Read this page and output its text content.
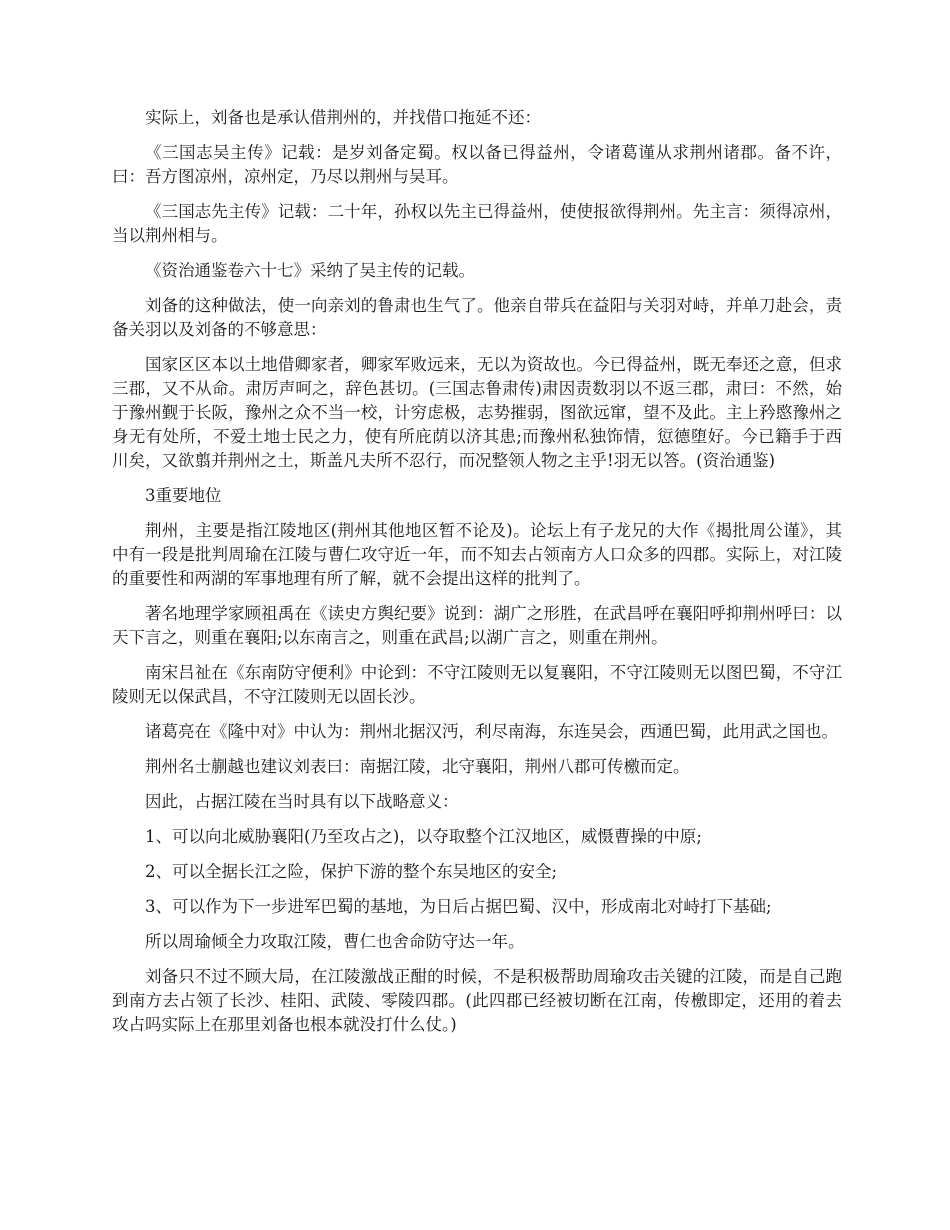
实际上，刘备也是承认借荆州的，并找借口拖延不还：

《三国志吴主传》记载：是岁刘备定蜀。权以备已得益州，令诸葛谨从求荆州诸郡。备不许，曰：吾方图凉州，凉州定，乃尽以荆州与吴耳。

《三国志先主传》记载：二十年，孙权以先主已得益州，使使报欲得荆州。先主言：须得凉州，当以荆州相与。

《资治通鉴卷六十七》采纳了吴主传的记载。

刘备的这种做法，使一向亲刘的鲁肃也生气了。他亲自带兵在益阳与关羽对峙，并单刀赴会，责备关羽以及刘备的不够意思：

国家区区本以土地借卿家者，卿家军败远来，无以为资故也。今已得益州，既无奉还之意，但求三郡，又不从命。肃厉声呵之，辞色甚切。(三国志鲁肃传)肃因责数羽以不返三郡，肃曰：不然，始于豫州觐于长阪，豫州之众不当一校，计穷虑极，志势摧弱，图欲远窜，望不及此。主上矜愍豫州之身无有处所，不爱土地士民之力，使有所庇荫以济其患;而豫州私独饰情，愆德堕好。今已籍手于西川矣，又欲翦并荆州之土，斯盖凡夫所不忍行，而况整领人物之主乎!羽无以答。(资治通鉴)

3重要地位

荆州，主要是指江陵地区(荆州其他地区暂不论及)。论坛上有子龙兄的大作《揭批周公谨》，其中有一段是批判周瑜在江陵与曹仁攻守近一年，而不知去占领南方人口众多的四郡。实际上，对江陵的重要性和两湖的军事地理有所了解，就不会提出这样的批判了。

著名地理学家顾祖禹在《读史方舆纪要》说到：湖广之形胜，在武昌呼在襄阳呼抑荆州呼曰：以天下言之，则重在襄阳;以东南言之，则重在武昌;以湖广言之，则重在荆州。

南宋吕祉在《东南防守便利》中论到：不守江陵则无以复襄阳，不守江陵则无以图巴蜀，不守江陵则无以保武昌，不守江陵则无以固长沙。

诸葛亮在《隆中对》中认为：荆州北据汉沔，利尽南海，东连吴会，西通巴蜀，此用武之国也。

荆州名士蒯越也建议刘表曰：南据江陵，北守襄阳，荆州八郡可传檄而定。

因此，占据江陵在当时具有以下战略意义：

1、可以向北威胁襄阳(乃至攻占之)，以夺取整个江汉地区，威慑曹操的中原;

2、可以全据长江之险，保护下游的整个东吴地区的安全;

3、可以作为下一步进军巴蜀的基地，为日后占据巴蜀、汉中，形成南北对峙打下基础;

所以周瑜倾全力攻取江陵，曹仁也舍命防守达一年。

刘备只不过不顾大局，在江陵激战正酣的时候，不是积极帮助周瑜攻击关键的江陵，而是自己跑到南方去占领了长沙、桂阳、武陵、零陵四郡。(此四郡已经被切断在江南，传檄即定，还用的着去攻占吗实际上在那里刘备也根本就没打什么仗。)
